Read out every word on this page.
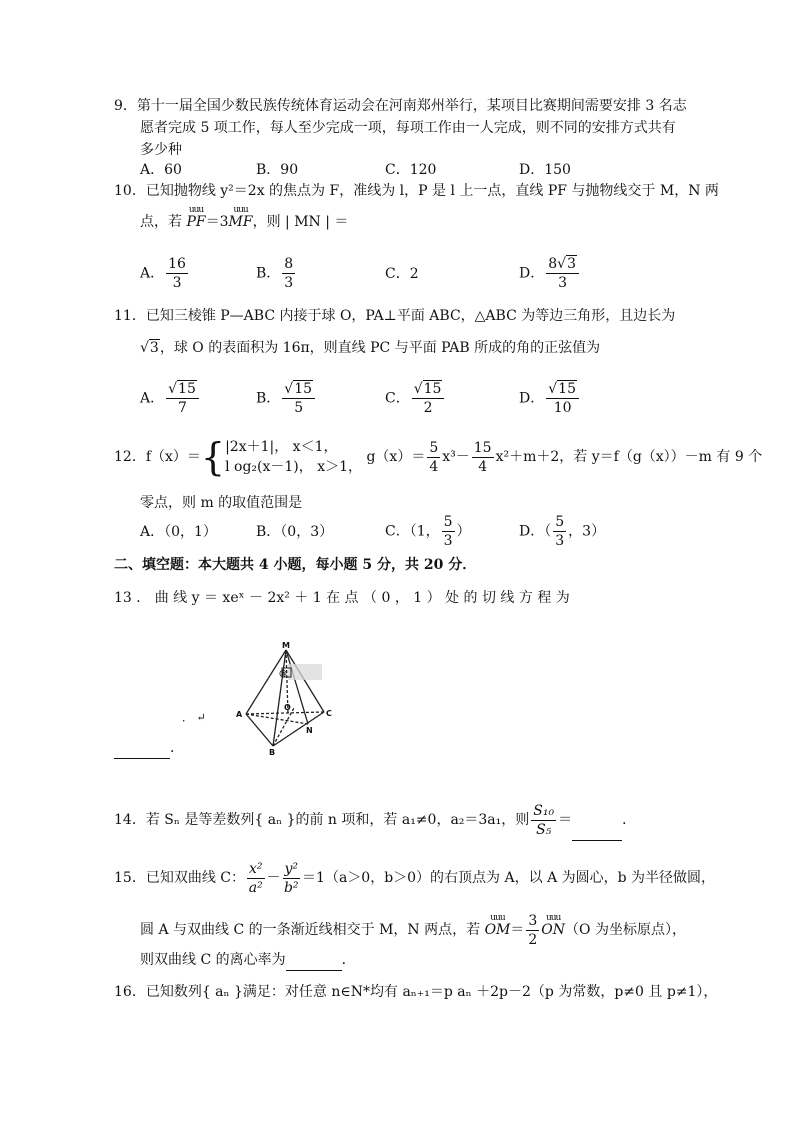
9．第十一届全国少数民族传统体育运动会在河南郑州举行，某项目比赛期间需要安排 3 名志
愿者完成 5 项工作，每人至少完成一项，每项工作由一人完成，则不同的安排方式共有
多少种
A．60	B．90	C．120	D．150
10．已知抛物线 y²＝2x 的焦点为 F，准线为 l，P 是 l 上一点，直线 PF 与抛物线交于 M，N 两
点，若
uuu
PF＝3
uuu
MF，则 | MN | ＝
A． $\frac{16}{3}$	B． $\frac{8}{3}$	C．2	D． $\frac{8√3}{3}$
11．已知三棱锥 P—ABC 内接于球 O，PA⊥平面 ABC，△ABC 为等边三角形，且边长为
√3，球 O 的表面积为 16π，则直线 PC 与平面 PAB 所成的角的正弦值为
A． $\frac{√15}{7}$	B． $\frac{√15}{5}$	C． $\frac{√15}{2}$	D． $\frac{√15}{10}$
12．f（x）＝{ |2x＋1|， x＜1，
l og₂(x－1)， x＞1，
$g(x)= \frac{5}{4} x^3- \frac{15}{4} x^2+m+2$，若 y＝f（g（x））－m 有 9 个
零点，则 m 的取值范围是
A．（0，1）	B．（0，3）	C．（1， $\frac{5}{3}$ ）	D．（ $\frac{5}{3}$ ，3）
二、填空题：本大题共 4 小题，每小题 5 分，共 20 分．
13 ． 曲 线 y ＝ xeˣ － 2x² ＋ 1 在 点 （ 0 ， 1 ） 处 的 切 线 方 程 为
M
A
B
C
N
O
@
． ↵
．
14．若 Sₙ 是等差数列{ aₙ }的前 n 项和，若 a₁≠0，a₂＝3a₁，则 $\frac{\text{S₁₀}}{\text{S₅}}$ ＝	．
15．已知双曲线 C： $\frac{\text{x²}}{\text{a²}} - \frac{\text{y²}}{\text{b²}} =1(a>0$，b＞0）的右顶点为 A，以 A 为圆心，b 为半径做圆，
圆 A 与双曲线 C 的一条渐近线相交于 M，N 两点，若
uuu
$OM= \frac{3}{2}$ uuu
ON（O 为坐标原点），
则双曲线 C 的离心率为	．
16．已知数列{ aₙ }满足：对任意 n∈N*均有 aₙ₊₁＝p aₙ ＋2p－2（p 为常数，p≠0 且 p≠1），
